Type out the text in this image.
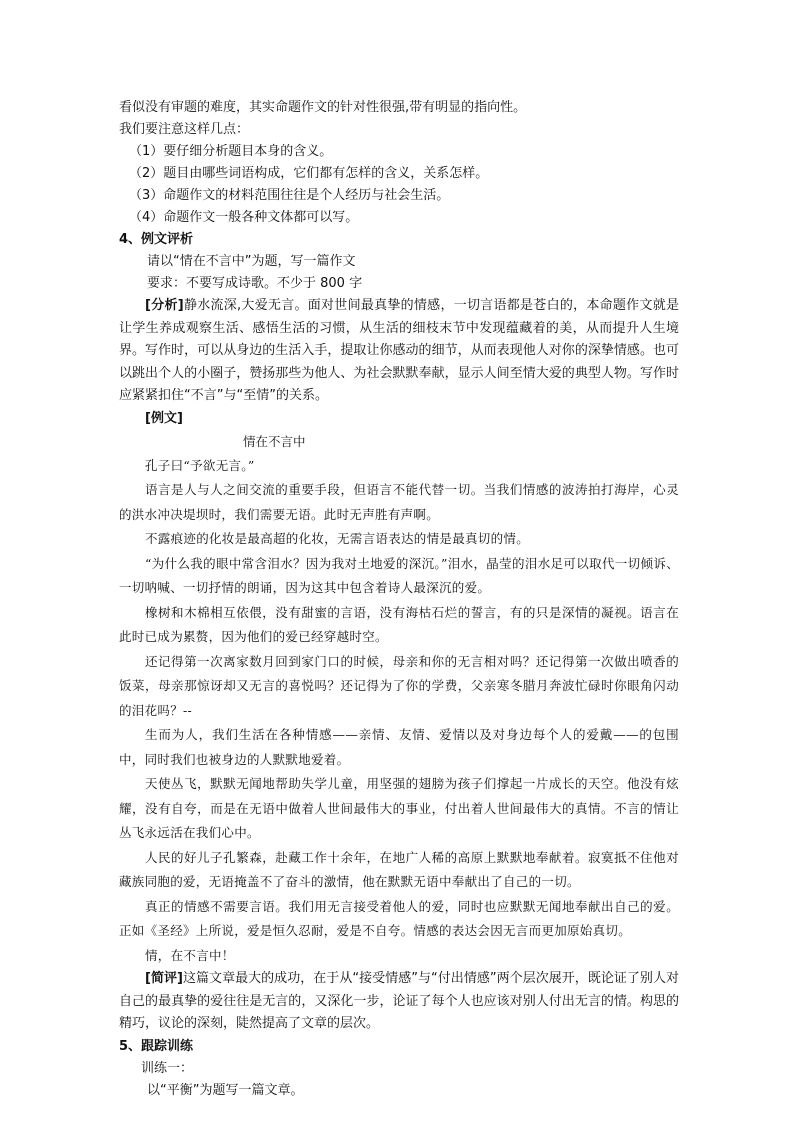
看似没有审题的难度，其实命题作文的针对性很强,带有明显的指向性。
我们要注意这样几点：
（1）要仔细分析题目本身的含义。
（2）题目由哪些词语构成，它们都有怎样的含义，关系怎样。
（3）命题作文的材料范围往往是个人经历与社会生活。
（4）命题作文一般各种文体都可以写。
4、例文评析
请以“情在不言中”为题，写一篇作文
要求：不要写成诗歌。不少于 800 字
[分析]静水流深,大爱无言。面对世间最真挚的情感，一切言语都是苍白的，本命题作文就是让学生养成观察生活、感悟生活的习惯，从生活的细枝末节中发现蕴藏着的美，从而提升人生境界。写作时，可以从身边的生活入手，提取让你感动的细节，从而表现他人对你的深挚情感。也可以跳出个人的小圈子，赞扬那些为他人、为社会默默奉献，显示人间至情大爱的典型人物。写作时应紧紧扣住“不言”与“至情”的关系。
[例文]
情在不言中
孔子曰“予欲无言。”
语言是人与人之间交流的重要手段，但语言不能代替一切。当我们情感的波涛拍打海岸，心灵的洪水冲决堤坝时，我们需要无语。此时无声胜有声啊。
不露痕迹的化妆是最高超的化妆，无需言语表达的情是最真切的情。
“为什么我的眼中常含泪水？因为我对土地爱的深沉。”泪水，晶莹的泪水足可以取代一切倾诉、一切呐喊、一切抒情的朗诵，因为这其中包含着诗人最深沉的爱。
橡树和木棉相互依偎，没有甜蜜的言语，没有海枯石烂的誓言，有的只是深情的凝视。语言在此时已成为累赘，因为他们的爱已经穿越时空。
还记得第一次离家数月回到家门口的时候，母亲和你的无言相对吗？还记得第一次做出喷香的饭菜，母亲那惊讶却又无言的喜悦吗？还记得为了你的学费，父亲寒冬腊月奔波忙碌时你眼角闪动的泪花吗？--
生而为人，我们生活在各种情感——亲情、友情、爱情以及对身边每个人的爱戴——的包围中，同时我们也被身边的人默默地爱着。
天使丛飞，默默无闻地帮助失学儿童，用坚强的翅膀为孩子们撑起一片成长的天空。他没有炫耀，没有自夸，而是在无语中做着人世间最伟大的事业，付出着人世间最伟大的真情。不言的情让丛飞永远活在我们心中。
人民的好儿子孔繁森，赴藏工作十余年，在地广人稀的高原上默默地奉献着。寂寞抵不住他对藏族同胞的爱，无语掩盖不了奋斗的激情，他在默默无语中奉献出了自己的一切。
真正的情感不需要言语。我们用无言接受着他人的爱，同时也应默默无闻地奉献出自己的爱。正如《圣经》上所说，爱是恒久忍耐，爱是不自夸。情感的表达会因无言而更加原始真切。
情，在不言中！
[简评]这篇文章最大的成功，在于从“接受情感”与“付出情感”两个层次展开，既论证了别人对自己的最真挚的爱往往是无言的，又深化一步，论证了每个人也应该对别人付出无言的情。构思的精巧，议论的深刻，陡然提高了文章的层次。
5、跟踪训练
训练一：
以“平衡”为题写一篇文章。
